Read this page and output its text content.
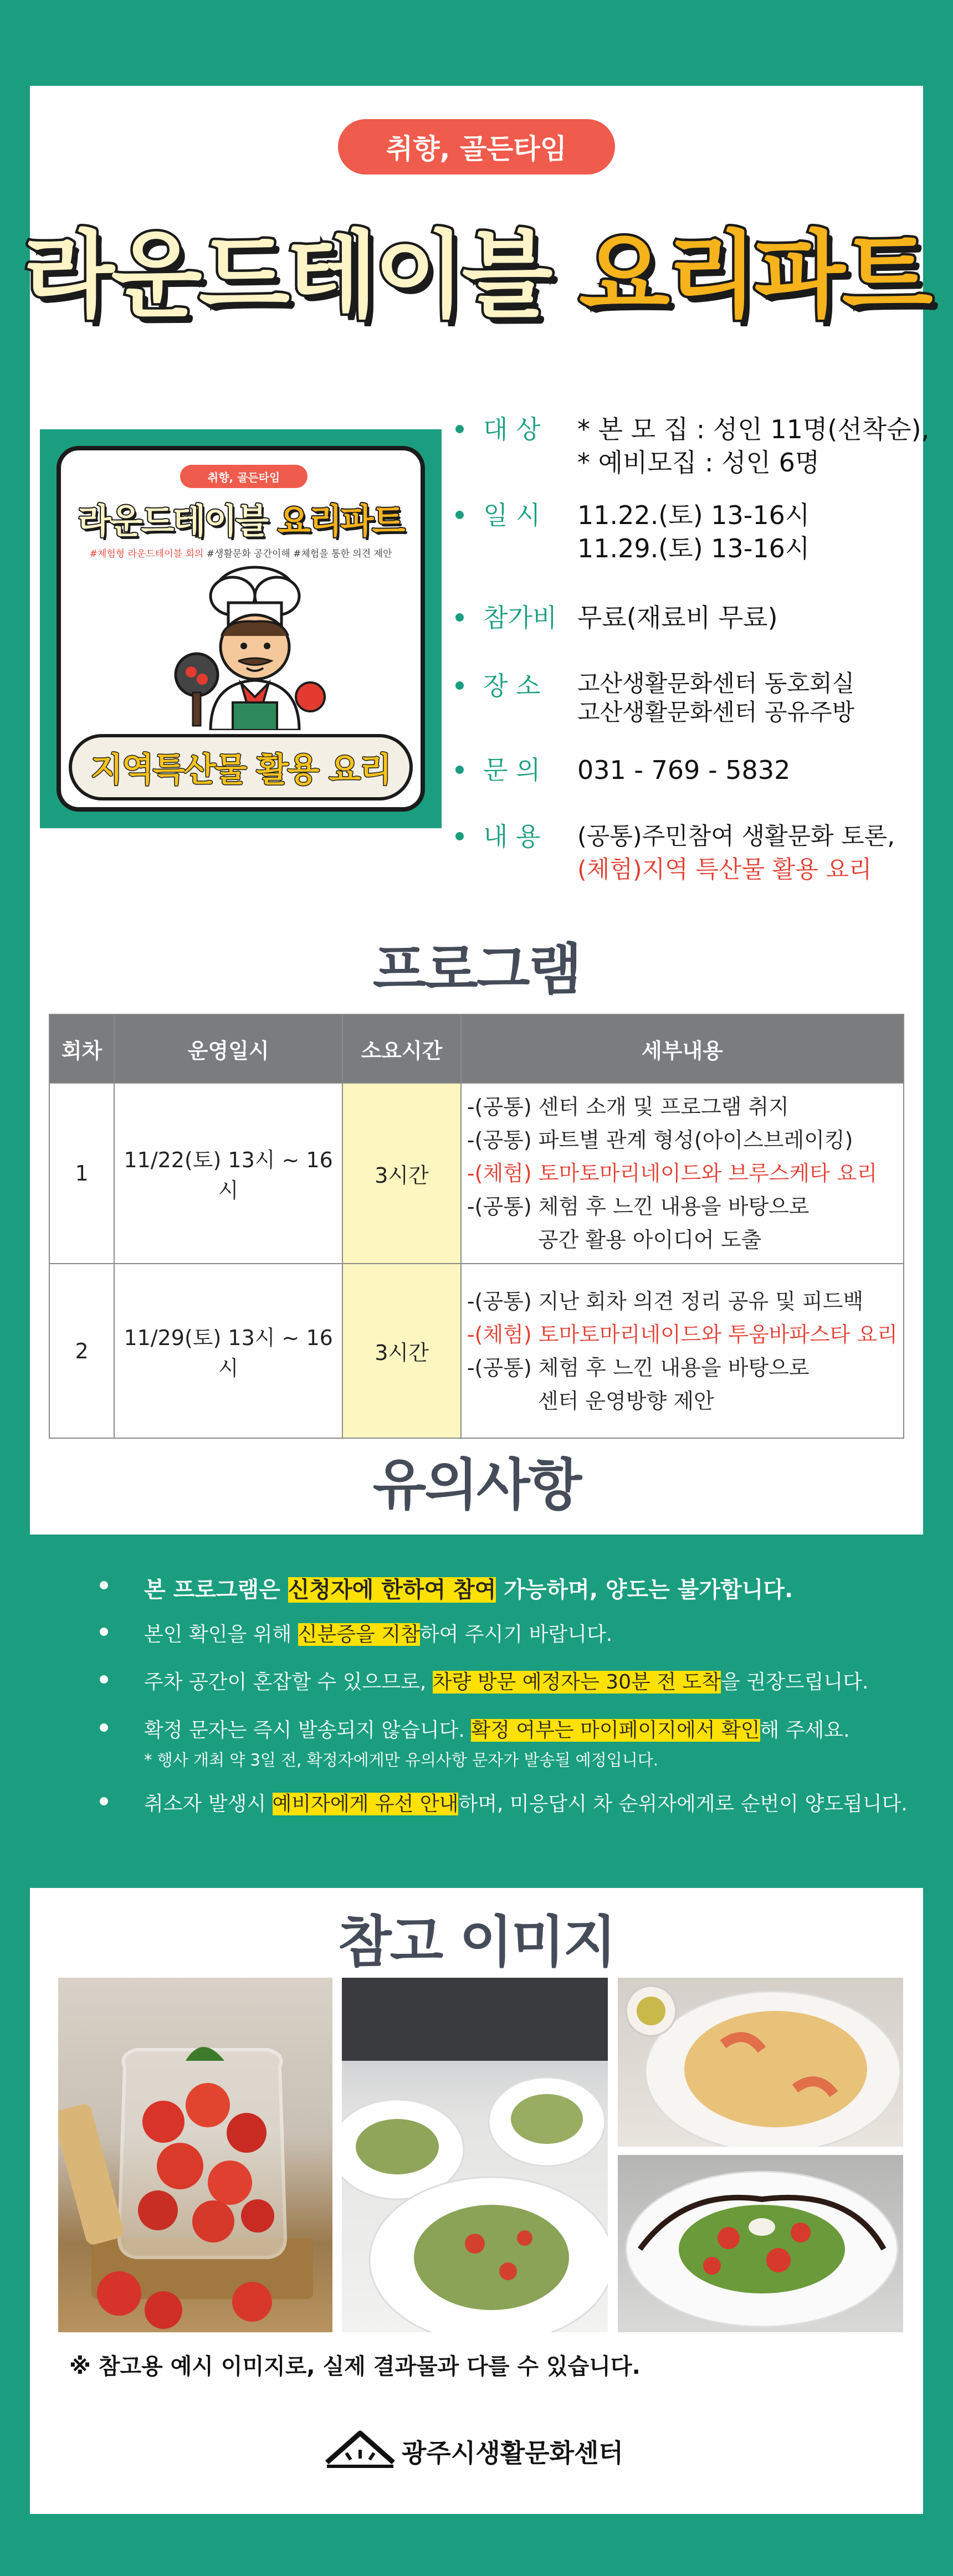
취향, 골든타임
라운드테이블 요리파트
취향, 골든타임
라운드테이블 요리파트
#체험형 라운드테이블 회의 #생활문화 공간이해 #체험을 통한 의견 제안
지역특산물 활용 요리
대 상	* 본 모 집 : 성인 11명(선착순),
* 예비모집 : 성인 6명
일 시	11.22.(토) 13-16시
11.29.(토) 13-16시
참가비 무료(재료비 무료)
장 소	고산생활문화센터 동호회실
고산생활문화센터 공유주방
문 의	031 - 769 - 5832
내 용	(공통)주민참여 생활문화 토론,
(체험)지역 특산물 활용 요리
프로그램
회차	운영일시	소요시간	세부내용
1	11/22(토) 13시 ~ 16시	3시간	-(공통) 센터 소개 및 프로그램 취지
-(공통) 파트별 관계 형성(아이스브레이킹)
-(체험) 토마토마리네이드와 브루스케타 요리
-(공통) 체험 후 느낀 내용을 바탕으로
공간 활용 아이디어 도출

2	11/29(토) 13시 ~ 16시	3시간	-(공통) 지난 회차 의견 정리 공유 및 피드백
-(체험) 토마토마리네이드와 투움바파스타 요리
-(공통) 체험 후 느낀 내용을 바탕으로
센터 운영방향 제안
유의사항
본 프로그램은 신청자에 한하여 참여 가능하며, 양도는 불가합니다.
본인 확인을 위해 신분증을 지참하여 주시기 바랍니다.
주차 공간이 혼잡할 수 있으므로, 차량 방문 예정자는 30분 전 도착을 권장드립니다.
확정 문자는 즉시 발송되지 않습니다. 확정 여부는 마이페이지에서 확인해 주세요.
* 행사 개최 약 3일 전, 확정자에게만 유의사항 문자가 발송될 예정입니다.
취소자 발생시 예비자에게 유선 안내하며, 미응답시 차 순위자에게로 순번이 양도됩니다.
참고 이미지
※ 참고용 예시 이미지로, 실제 결과물과 다를 수 있습니다.
광주시생활문화센터
